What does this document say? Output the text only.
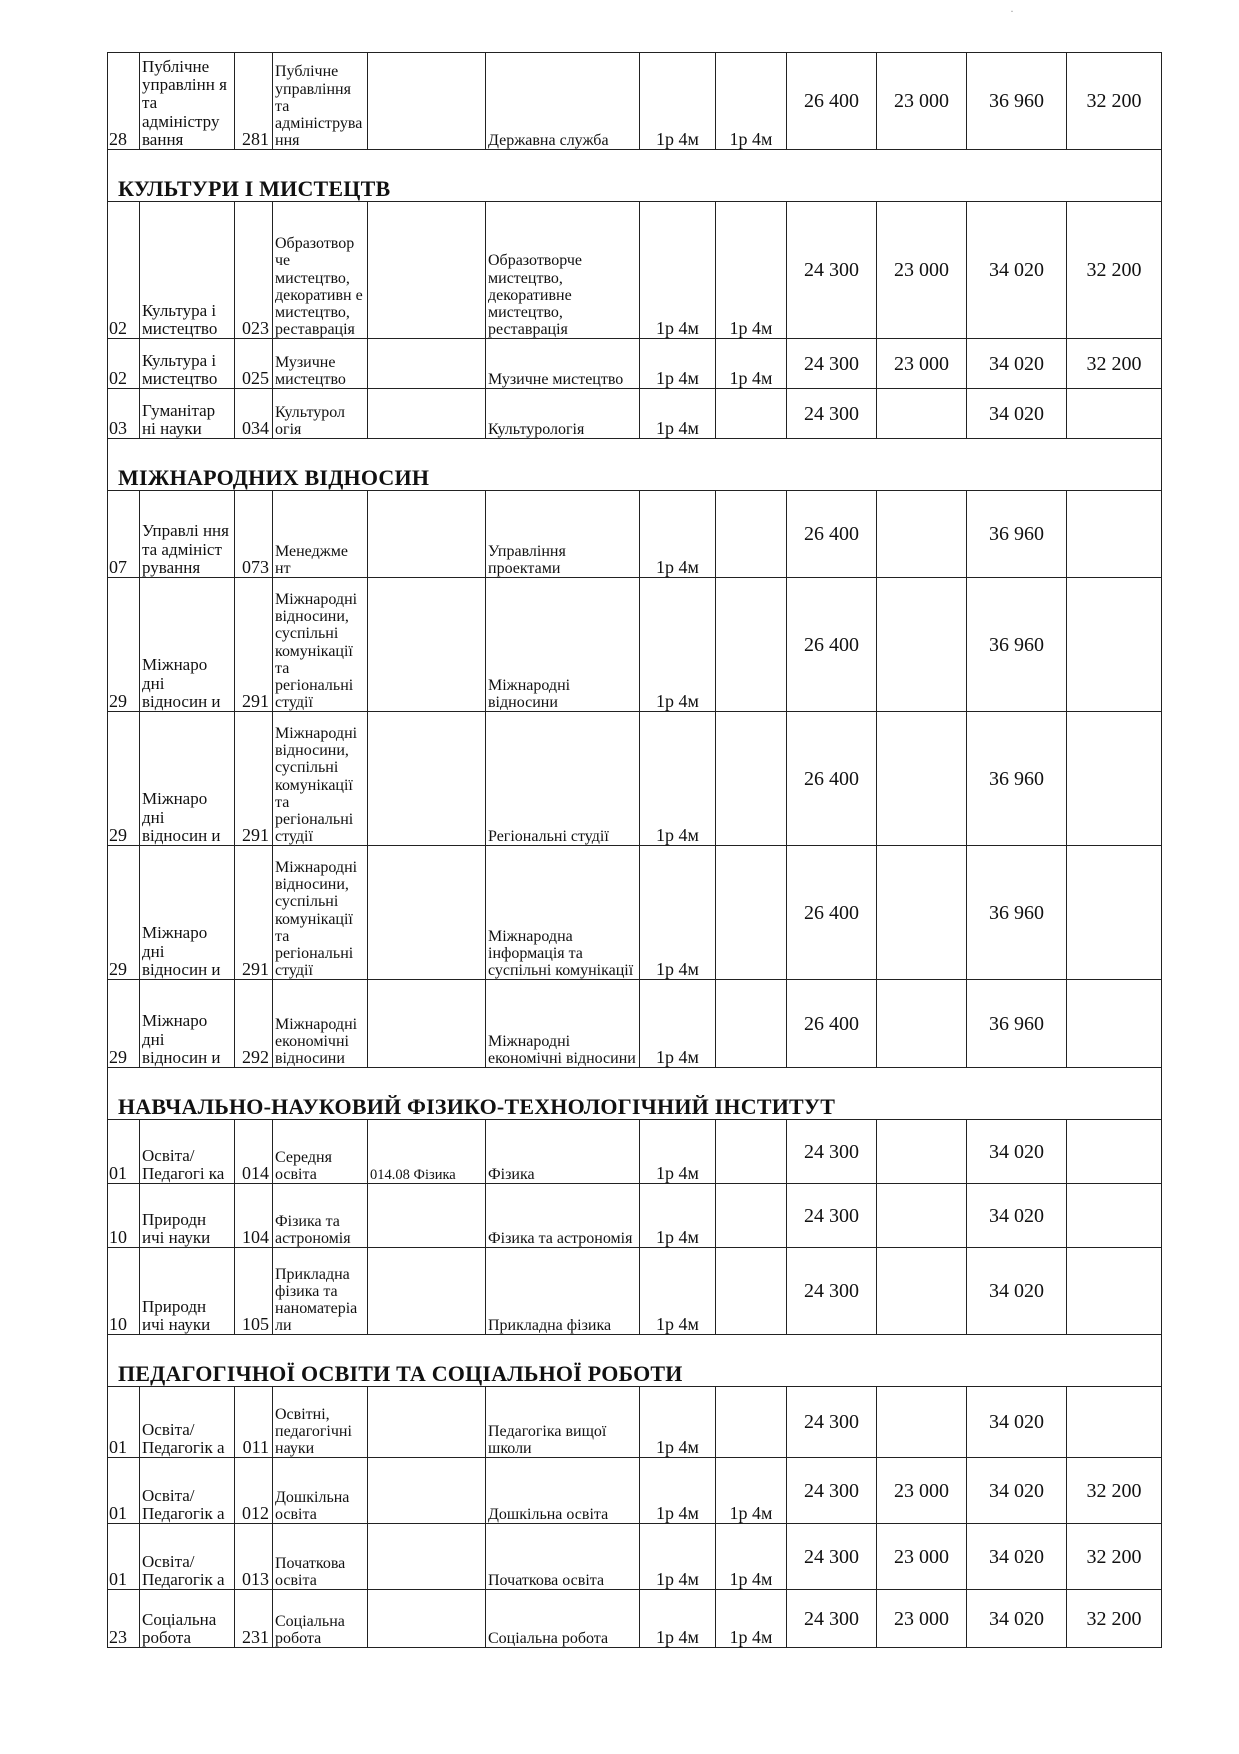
28	Публічне управлінн я та адміністру вання	281	Публічне управління та адмініструва ння		Державна служба	1р 4м	1р 4м	26 400	23 000	36 960	32 200
КУЛЬТУРИ І МИСТЕЦТВ											
02	Культура і мистецтво	023	Образотвор че мистецтво, декоративн е мистецтво, реставрація		Образотворче мистецтво, декоративне мистецтво, реставрація	1р 4м	1р 4м	24 300	23 000	34 020	32 200
02	Культура і мистецтво	025	Музичне мистецтво		Музичне мистецтво	1р 4м	1р 4м	24 300	23 000	34 020	32 200
03	Гуманітар ні науки	034	Культурол огія		Культурологія	1р 4м		24 300		34 020	
МІЖНАРОДНИХ ВІДНОСИН											
07	Управлі ння та адмініст рування	073	Менеджме нт		Управління проектами	1р 4м		26 400		36 960	
29	Міжнаро дні відносин и	291	Міжнародні відносини, суспільні комунікації та регіональні студії		Міжнародні відносини	1р 4м		26 400		36 960	
29	Міжнаро дні відносин и	291	Міжнародні відносини, суспільні комунікації та регіональні студії		Регіональні студії	1р 4м		26 400		36 960	
29	Міжнаро дні відносин и	291	Міжнародні відносини, суспільні комунікації та регіональні студії		Міжнародна інформація та суспільні комунікації	1р 4м		26 400		36 960	
29	Міжнаро дні відносин и	292	Міжнародні економічні відносини		Міжнародні економічні відносини	1р 4м		26 400		36 960	
НАВЧАЛЬНО-НАУКОВИЙ ФІЗИКО-ТЕХНОЛОГІЧНИЙ ІНСТИТУТ											
01	Освіта/ Педагогі ка	014	Середня освіта	014.08 Фізика	Фізика	1р 4м		24 300		34 020	
10	Природн ичі науки	104	Фізика та астрономія		Фізика та астрономія	1р 4м		24 300		34 020	
10	Природн ичі науки	105	Прикладна фізика та наноматеріа ли		Прикладна фізика	1р 4м		24 300		34 020	
ПЕДАГОГІЧНОЇ ОСВІТИ ТА СОЦІАЛЬНОЇ РОБОТИ											
01	Освіта/ Педагогік а	011	Освітні, педагогічні науки		Педагогіка вищої школи	1р 4м		24 300		34 020	
01	Освіта/ Педагогік а	012	Дошкільна освіта		Дошкільна освіта	1р 4м	1р 4м	24 300	23 000	34 020	32 200
01	Освіта/ Педагогік а	013	Початкова освіта		Початкова освіта	1р 4м	1р 4м	24 300	23 000	34 020	32 200
23	Соціальна робота	231	Соціальна робота		Соціальна робота	1р 4м	1р 4м	24 300	23 000	34 020	32 200
·
